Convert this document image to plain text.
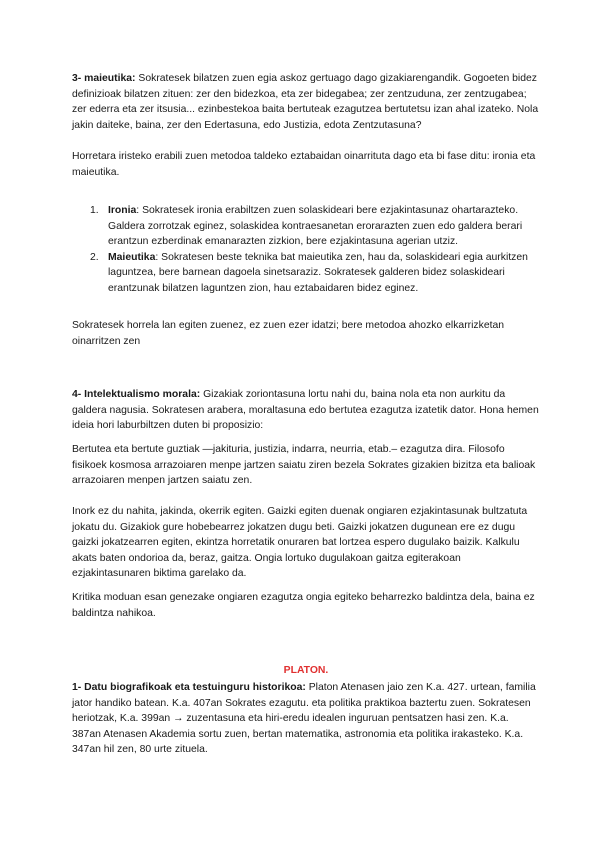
3- maieutika: Sokratesek bilatzen zuen egia askoz gertuago dago gizakiarengandik. Gogoeten bidez definizioak bilatzen zituen: zer den bidezkoa, eta zer bidegabea; zer zentzuduna, zer zentzugabea; zer ederra eta zer itsusia... ezinbestekoa baita bertuteak ezagutzea bertutetsu izan ahal izateko. Nola jakin daiteke, baina, zer den Edertasuna, edo Justizia, edota Zentzutasuna?

Horretara iristeko erabili zuen metodoa taldeko eztabaidan oinarrituta dago eta bi fase ditu: ironia eta maieutika.

1. Ironia: Sokratesek ironia erabiltzen zuen solaskideari bere ezjakintasunaz ohartarazteko. Galdera zorrotzak eginez, solaskidea kontraesanetan erorarazten zuen edo galdera berari erantzun ezberdinak emanarazten zizkion, bere ezjakintasuna agerian utziz.
2. Maieutika: Sokratesen beste teknika bat maieutika zen, hau da, solaskideari egia aurkitzen laguntzea, bere barnean dagoela sinetsaraziz. Sokratesek galderen bidez solaskideari erantzunak bilatzen laguntzen zion, hau eztabaidaren bidez eginez.

Sokratesek horrela lan egiten zuenez, ez zuen ezer idatzi; bere metodoa ahozko elkarrizketan oinarritzen zen

4- Intelektualismo morala: Gizakiak zoriontasuna lortu nahi du, baina nola eta non aurkitu da galdera nagusia. Sokratesen arabera, moraltasuna edo bertutea ezagutza izatetik dator. Hona hemen ideia hori laburbiltzen duten bi proposizio:

Bertutea eta bertute guztiak —jakituria, justizia, indarra, neurria, etab.– ezagutza dira. Filosofo fisikoek kosmosa arrazoiaren menpe jartzen saiatu ziren bezela Sokrates gizakien bizitza eta balioak arrazoiaren menpen jartzen saiatu zen.

Inork ez du nahita, jakinda, okerrik egiten. Gaizki egiten duenak ongiaren ezjakintasunak bultzatuta jokatu du. Gizakiok gure hobebearrez jokatzen dugu beti. Gaizki jokatzen dugunean ere ez dugu gaizki jokatzearren egiten, ekintza horretatik onuraren bat lortzea espero dugulako baizik. Kalkulu akats baten ondorioa da, beraz, gaitza. Ongia lortuko dugulakoan gaitza egiterakoan ezjakintasunaren biktima garelako da.

Kritika moduan esan genezake ongiaren ezagutza ongia egiteko beharrezko baldintza dela, baina ez baldintza nahikoa.

PLATON.

1- Datu biografikoak eta testuinguru historikoa: Platon Atenasen jaio zen K.a. 427. urtean, familia jator handiko batean. K.a. 407an Sokrates ezagutu. eta politika praktikoa baztertu zuen. Sokratesen heriotzak, K.a. 399an → zuzentasuna eta hiri-eredu idealen inguruan pentsatzen hasi zen. K.a. 387an Atenasen Akademia sortu zuen, bertan matematika, astronomia eta politika irakasteko. K.a. 347an hil zen, 80 urte zituela.
